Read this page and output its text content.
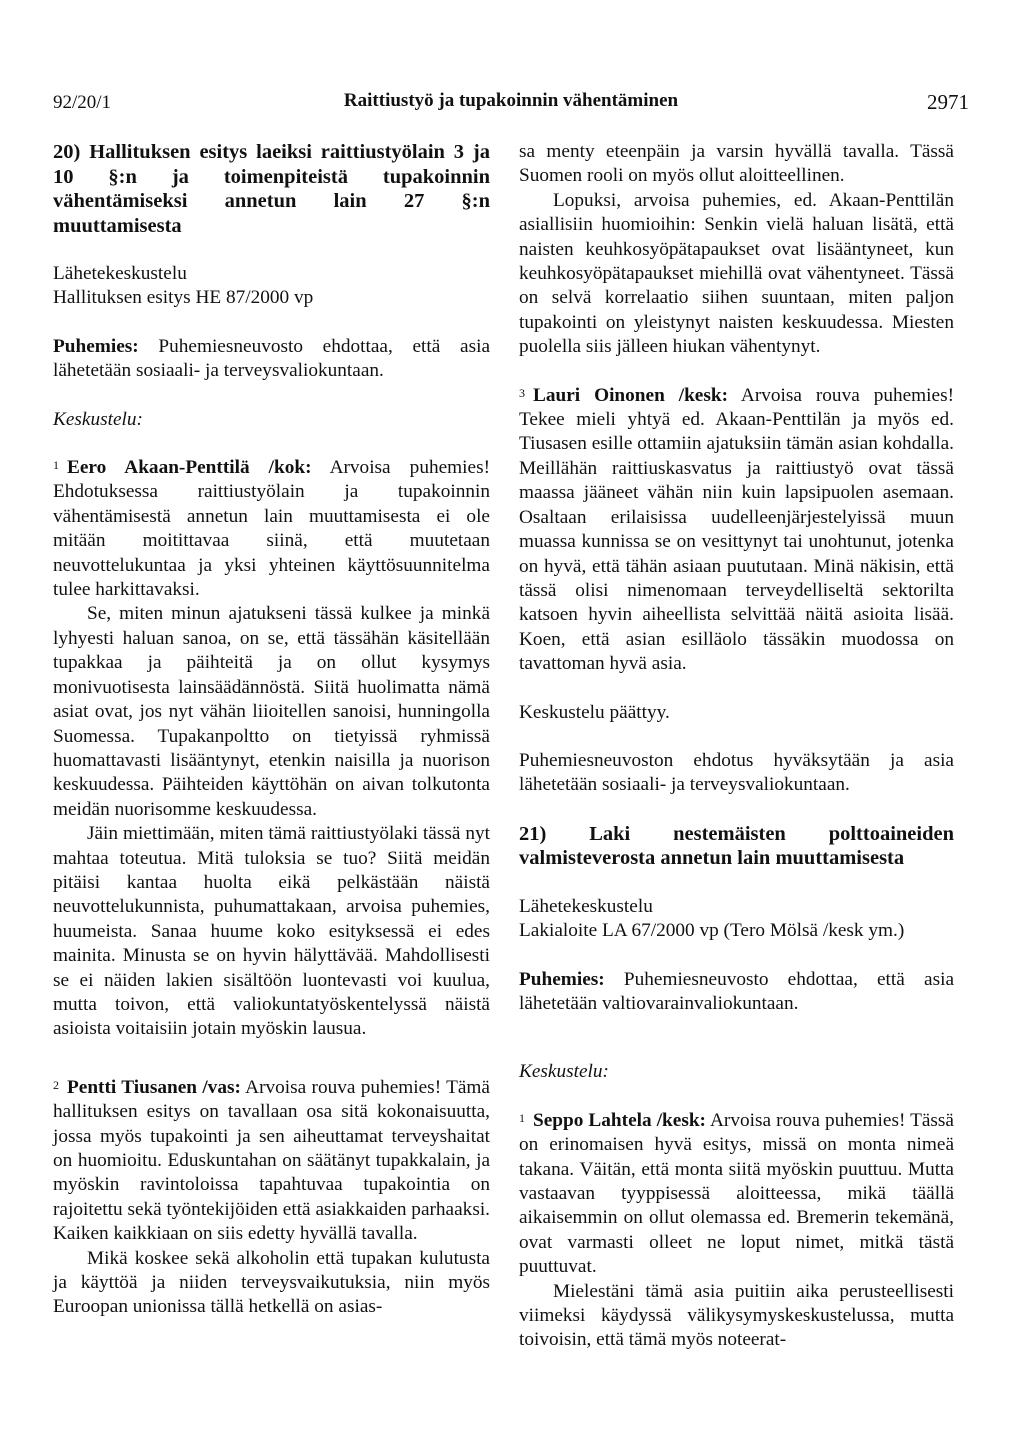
92/20/1	Raittiustyö ja tupakoinnin vähentäminen	2971

20) Hallituksen esitys laeiksi raittiustyölain 3 ja 10 §:n ja toimenpiteistä tupakoinnin vähentämiseksi annetun lain 27 §:n muuttamisesta

Lähetekeskustelu

Hallituksen esitys HE 87/2000 vp

Puhemies: Puhemiesneuvosto ehdottaa, että asia lähetetään sosiaali- ja terveysvaliokuntaan.

Keskustelu:

$^1$ Eero Akaan-Penttilä /kok: Arvoisa puhemies! Ehdotuksessa raittiustyölain ja tupakoinnin vähentämisestä annetun lain muuttamisesta ei ole mitään moitittavaa siinä, että muutetaan neuvottelukuntaa ja yksi yhteinen käyttösuunnitelma tulee harkittavaksi.

Se, miten minun ajatukseni tässä kulkee ja minkä lyhyesti haluan sanoa, on se, että tässähän käsitellään tupakkaa ja päihteitä ja on ollut kysymys monivuotisesta lainsäädännöstä. Siitä huolimatta nämä asiat ovat, jos nyt vähän liioitellen sanoisi, hunningolla Suomessa. Tupakanpoltto on tietyissä ryhmissä huomattavasti lisääntynyt, etenkin naisilla ja nuorison keskuudessa. Päihteiden käyttöhän on aivan tolkutonta meidän nuorisomme keskuudessa.

Jäin miettimään, miten tämä raittiustyölaki tässä nyt mahtaa toteutua. Mitä tuloksia se tuo? Siitä meidän pitäisi kantaa huolta eikä pelkästään näistä neuvottelukunnista, puhumattakaan, arvoisa puhemies, huumeista. Sanaa huume koko esityksessä ei edes mainita. Minusta se on hyvin hälyttävää. Mahdollisesti se ei näiden lakien sisältöön luontevasti voi kuulua, mutta toivon, että valiokuntatyöskentelyssä näistä asioista voitaisiin jotain myöskin lausua.

$^2$ Pentti Tiusanen /vas: Arvoisa rouva puhemies! Tämä hallituksen esitys on tavallaan osa sitä kokonaisuutta, jossa myös tupakointi ja sen aiheuttamat terveyshaitat on huomioitu. Eduskuntahan on säätänyt tupakkalain, ja myöskin ravintoloissa tapahtuvaa tupakointia on rajoitettu sekä työntekijöiden että asiakkaiden parhaaksi. Kaiken kaikkiaan on siis edetty hyvällä tavalla.

Mikä koskee sekä alkoholin että tupakan kulutusta ja käyttöä ja niiden terveysvaikutuksia, niin myös Euroopan unionissa tällä hetkellä on asias-

sa menty eteenpäin ja varsin hyvällä tavalla. Tässä Suomen rooli on myös ollut aloitteellinen.

Lopuksi, arvoisa puhemies, ed. Akaan-Penttilän asiallisiin huomioihin: Senkin vielä haluan lisätä, että naisten keuhkosyöpätapaukset ovat lisääntyneet, kun keuhkosyöpätapaukset miehillä ovat vähentyneet. Tässä on selvä korrelaatio siihen suuntaan, miten paljon tupakointi on yleistynyt naisten keskuudessa. Miesten puolella siis jälleen hiukan vähentynyt.

$^3$ Lauri Oinonen /kesk: Arvoisa rouva puhemies! Tekee mieli yhtyä ed. Akaan-Penttilän ja myös ed. Tiusasen esille ottamiin ajatuksiin tämän asian kohdalla. Meillähän raittiuskasvatus ja raittiustyö ovat tässä maassa jääneet vähän niin kuin lapsipuolen asemaan. Osaltaan erilaisissa uudelleenjärjestelyissä muun muassa kunnissa se on vesittynyt tai unohtunut, jotenka on hyvä, että tähän asiaan puututaan. Minä näkisin, että tässä olisi nimenomaan terveydelliseltä sektorilta katsoen hyvin aiheellista selvittää näitä asioita lisää. Koen, että asian esilläolo tässäkin muodossa on tavattoman hyvä asia.

Keskustelu päättyy.

Puhemiesneuvoston ehdotus hyväksytään ja asia lähetetään sosiaali- ja terveysvaliokuntaan.

21) Laki nestemäisten polttoaineiden valmisteverosta annetun lain muuttamisesta

Lähetekeskustelu

Lakialoite LA 67/2000 vp (Tero Mölsä /kesk ym.)

Puhemies: Puhemiesneuvosto ehdottaa, että asia lähetetään valtiovarainvaliokuntaan.

Keskustelu:

$^1$ Seppo Lahtela /kesk: Arvoisa rouva puhemies! Tässä on erinomaisen hyvä esitys, missä on monta nimeä takana. Väitän, että monta siitä myöskin puuttuu. Mutta vastaavan tyyppisessä aloitteessa, mikä täällä aikaisemmin on ollut olemassa ed. Bremerin tekemänä, ovat varmasti olleet ne loput nimet, mitkä tästä puuttuvat.

Mielestäni tämä asia puitiin aika perusteellisesti viimeksi käydyssä välikysymyskeskustelussa, mutta toivoisin, että tämä myös noteerat-
